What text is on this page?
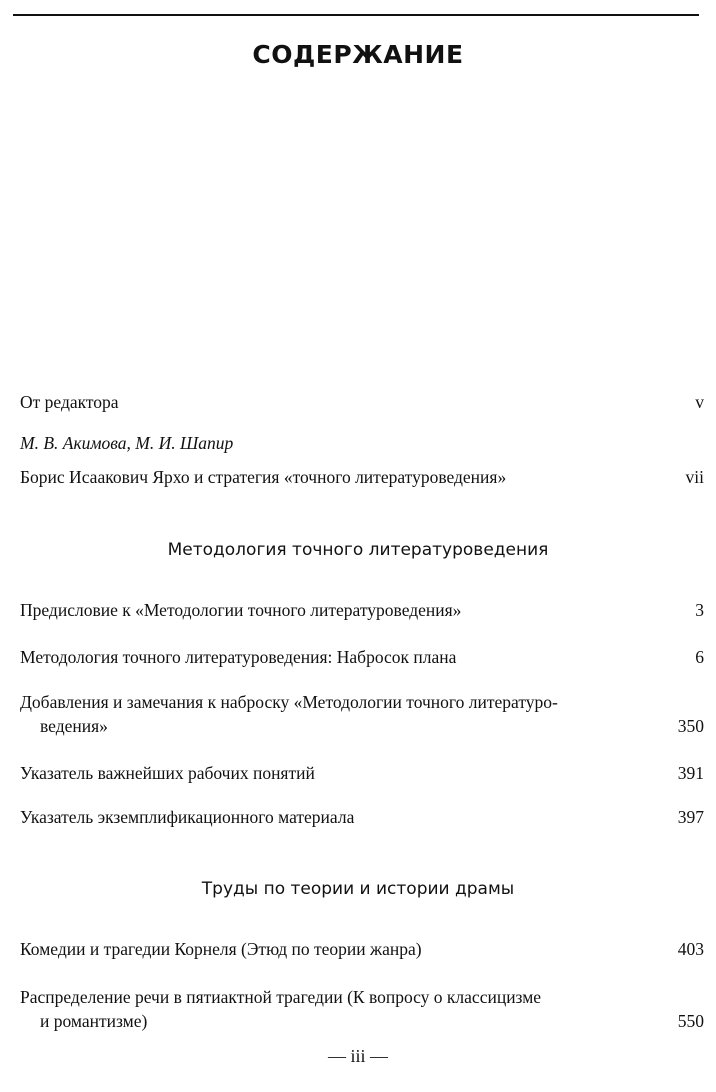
СОДЕРЖАНИЕ
От редактора	v
М. В. Акимова, М. И. Шапир
Борис Исаакович Ярхо и стратегия «точного литературоведения»	vii
Методология точного литературоведения
Предисловие к «Методологии точного литературоведения»	3
Методология точного литературоведения: Набросок плана	6
Добавления и замечания к наброску «Методологии точного литературо-
ведения»	350
Указатель важнейших рабочих понятий	391
Указатель экземплификационного материала	397
Труды по теории и истории драмы
Комедии и трагедии Корнеля (Этюд по теории жанра)	403
Распределение речи в пятиактной трагедии (К вопросу о классицизме
и романтизме)	550
— iii —
